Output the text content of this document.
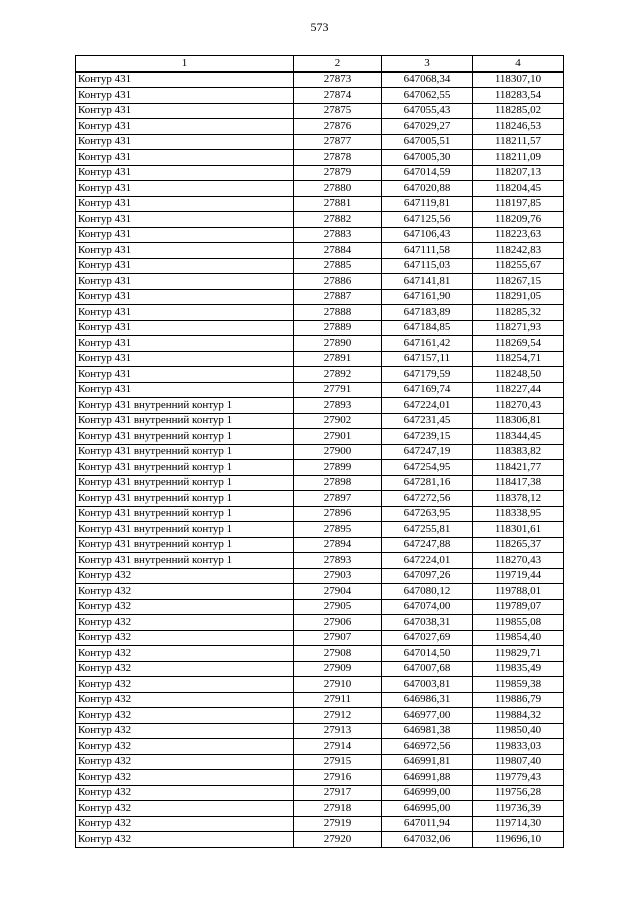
573
1	2	3	4
Контур 431	27873	647068,34	118307,10
Контур 431	27874	647062,55	118283,54
Контур 431	27875	647055,43	118285,02
Контур 431	27876	647029,27	118246,53
Контур 431	27877	647005,51	118211,57
Контур 431	27878	647005,30	118211,09
Контур 431	27879	647014,59	118207,13
Контур 431	27880	647020,88	118204,45
Контур 431	27881	647119,81	118197,85
Контур 431	27882	647125,56	118209,76
Контур 431	27883	647106,43	118223,63
Контур 431	27884	647111,58	118242,83
Контур 431	27885	647115,03	118255,67
Контур 431	27886	647141,81	118267,15
Контур 431	27887	647161,90	118291,05
Контур 431	27888	647183,89	118285,32
Контур 431	27889	647184,85	118271,93
Контур 431	27890	647161,42	118269,54
Контур 431	27891	647157,11	118254,71
Контур 431	27892	647179,59	118248,50
Контур 431	27791	647169,74	118227,44
Контур 431 внутренний контур 1	27893	647224,01	118270,43
Контур 431 внутренний контур 1	27902	647231,45	118306,81
Контур 431 внутренний контур 1	27901	647239,15	118344,45
Контур 431 внутренний контур 1	27900	647247,19	118383,82
Контур 431 внутренний контур 1	27899	647254,95	118421,77
Контур 431 внутренний контур 1	27898	647281,16	118417,38
Контур 431 внутренний контур 1	27897	647272,56	118378,12
Контур 431 внутренний контур 1	27896	647263,95	118338,95
Контур 431 внутренний контур 1	27895	647255,81	118301,61
Контур 431 внутренний контур 1	27894	647247,88	118265,37
Контур 431 внутренний контур 1	27893	647224,01	118270,43
Контур 432	27903	647097,26	119719,44
Контур 432	27904	647080,12	119788,01
Контур 432	27905	647074,00	119789,07
Контур 432	27906	647038,31	119855,08
Контур 432	27907	647027,69	119854,40
Контур 432	27908	647014,50	119829,71
Контур 432	27909	647007,68	119835,49
Контур 432	27910	647003,81	119859,38
Контур 432	27911	646986,31	119886,79
Контур 432	27912	646977,00	119884,32
Контур 432	27913	646981,38	119850,40
Контур 432	27914	646972,56	119833,03
Контур 432	27915	646991,81	119807,40
Контур 432	27916	646991,88	119779,43
Контур 432	27917	646999,00	119756,28
Контур 432	27918	646995,00	119736,39
Контур 432	27919	647011,94	119714,30
Контур 432	27920	647032,06	119696,10
